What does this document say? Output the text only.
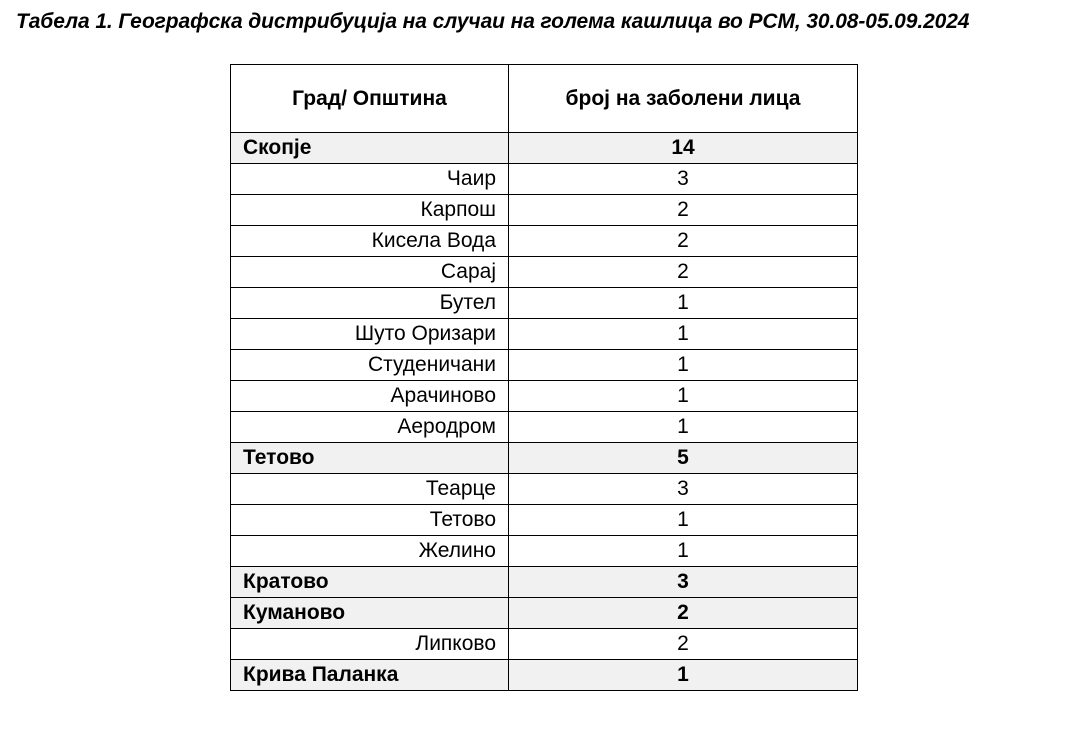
Табела 1. Географска дистрибуција на случаи на голема кашлица во РСМ, 30.08-05.09.2024
Град/ Општина	број на заболени лица
Скопје	14
Чаир	3
Карпош	2
Кисела Вода	2
Сарај	2
Бутел	1
Шуто Оризари	1
Студеничани	1
Арачиново	1
Аеродром	1
Тетово	5
Теарце	3
Тетово	1
Желино	1
Кратово	3
Куманово	2
Липково	2
Крива Паланка	1
